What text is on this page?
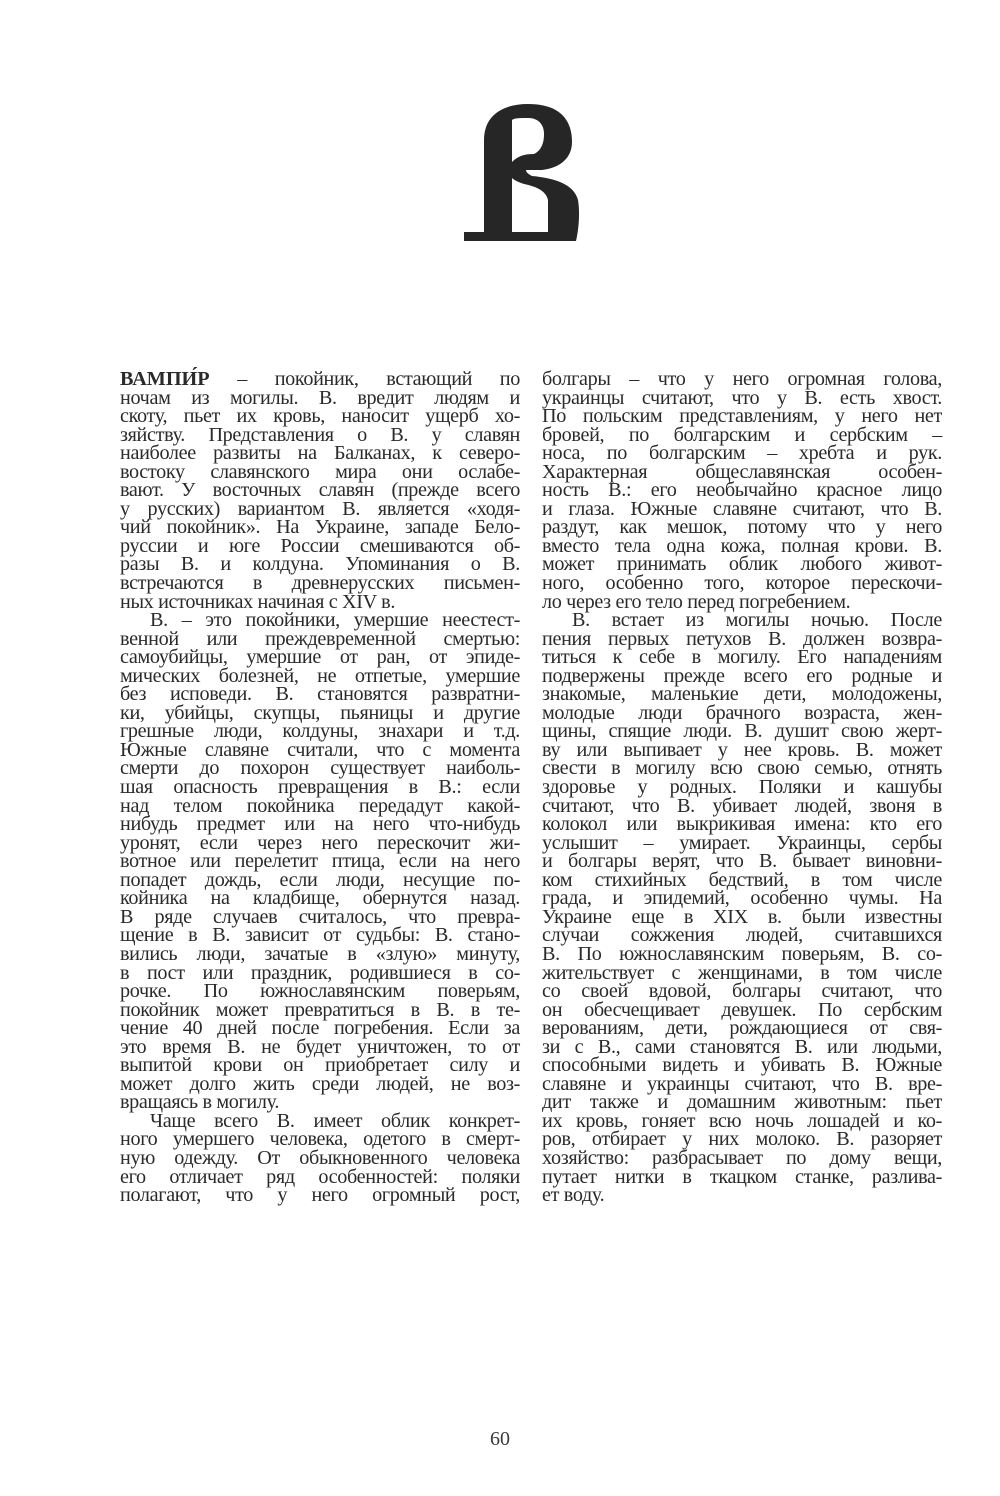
ВАМПИ́Р – покойник, встающий по
ночам из могилы. В. вредит людям и
скоту, пьет их кровь, наносит ущерб хо-
зяйству. Представления о В. у славян
наиболее развиты на Балканах, к северо-
востоку славянского мира они ослабе-
вают. У восточных славян (прежде всего
у русских) вариантом В. является «ходя-
чий покойник». На Украине, западе Бело-
руссии и юге России смешиваются об-
разы В. и колдуна. Упоминания о В.
встречаются в древнерусских письмен-
ных источниках начиная с XIV в.
В. – это покойники, умершие неестест-
венной или преждевременной смертью:
самоубийцы, умершие от ран, от эпиде-
мических болезней, не отпетые, умершие
без исповеди. В. становятся развратни-
ки, убийцы, скупцы, пьяницы и другие
грешные люди, колдуны, знахари и т.д.
Южные славяне считали, что с момента
смерти до похорон существует наиболь-
шая опасность превращения в В.: если
над телом покойника передадут какой-
нибудь предмет или на него что-нибудь
уронят, если через него перескочит жи-
вотное или перелетит птица, если на него
попадет дождь, если люди, несущие по-
койника на кладбище, обернутся назад.
В ряде случаев считалось, что превра-
щение в В. зависит от судьбы: В. стано-
вились люди, зачатые в «злую» минуту,
в пост или праздник, родившиеся в со-
рочке. По южнославянским поверьям,
покойник может превратиться в В. в те-
чение 40 дней после погребения. Если за
это время В. не будет уничтожен, то от
выпитой крови он приобретает силу и
может долго жить среди людей, не воз-
вращаясь в могилу.
Чаще всего В. имеет облик конкрет-
ного умершего человека, одетого в смерт-
ную одежду. От обыкновенного человека
его отличает ряд особенностей: поляки
полагают, что у него огромный рост,
болгары – что у него огромная голова,
украинцы считают, что у В. есть хвост.
По польским представлениям, у него нет
бровей, по болгарским и сербским –
носа, по болгарским – хребта и рук.
Характерная общеславянская особен-
ность В.: его необычайно красное лицо
и глаза. Южные славяне считают, что В.
раздут, как мешок, потому что у него
вместо тела одна кожа, полная крови. В.
может принимать облик любого живот-
ного, особенно того, которое перескочи-
ло через его тело перед погребением.
В. встает из могилы ночью. После
пения первых петухов В. должен возвра-
титься к себе в могилу. Его нападениям
подвержены прежде всего его родные и
знакомые, маленькие дети, молодожены,
молодые люди брачного возраста, жен-
щины, спящие люди. В. душит свою жерт-
ву или выпивает у нее кровь. В. может
свести в могилу всю свою семью, отнять
здоровье у родных. Поляки и кашубы
считают, что В. убивает людей, звоня в
колокол или выкрикивая имена: кто его
услышит – умирает. Украинцы, сербы
и болгары верят, что В. бывает виновни-
ком стихийных бедствий, в том числе
града, и эпидемий, особенно чумы. На
Украине еще в XIX в. были известны
случаи сожжения людей, считавшихся
В. По южнославянским поверьям, В. со-
жительствует с женщинами, в том числе
со своей вдовой, болгары считают, что
он обесчещивает девушек. По сербским
верованиям, дети, рождающиеся от свя-
зи с В., сами становятся В. или людьми,
способными видеть и убивать В. Южные
славяне и украинцы считают, что В. вре-
дит также и домашним животным: пьет
их кровь, гоняет всю ночь лошадей и ко-
ров, отбирает у них молоко. В. разоряет
хозяйство: разбрасывает по дому вещи,
путает нитки в ткацком станке, разлива-
ет воду.
60
